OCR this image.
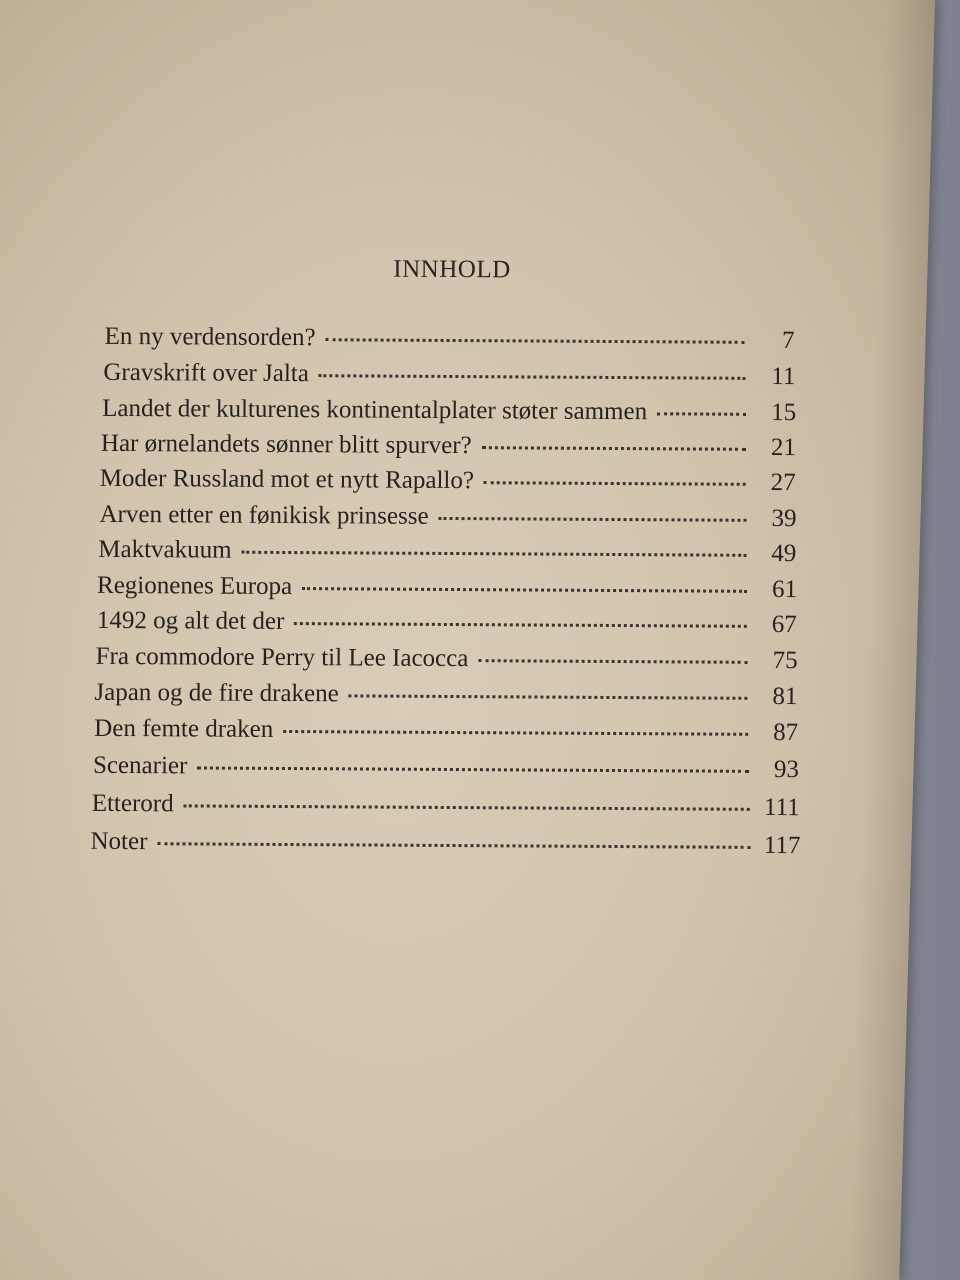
INNHOLD
En ny verdensorden?	7
Gravskrift over Jalta	11
Landet der kulturenes kontinentalplater støter sammen	15
Har ørnelandets sønner blitt spurver?	21
Moder Russland mot et nytt Rapallo?	27
Arven etter en fønikisk prinsesse	39
Maktvakuum	49
Regionenes Europa	61
1492 og alt det der	67
Fra commodore Perry til Lee Iacocca	75
Japan og de fire drakene	81
Den femte draken	87
Scenarier	93
Etterord	111
Noter	117
